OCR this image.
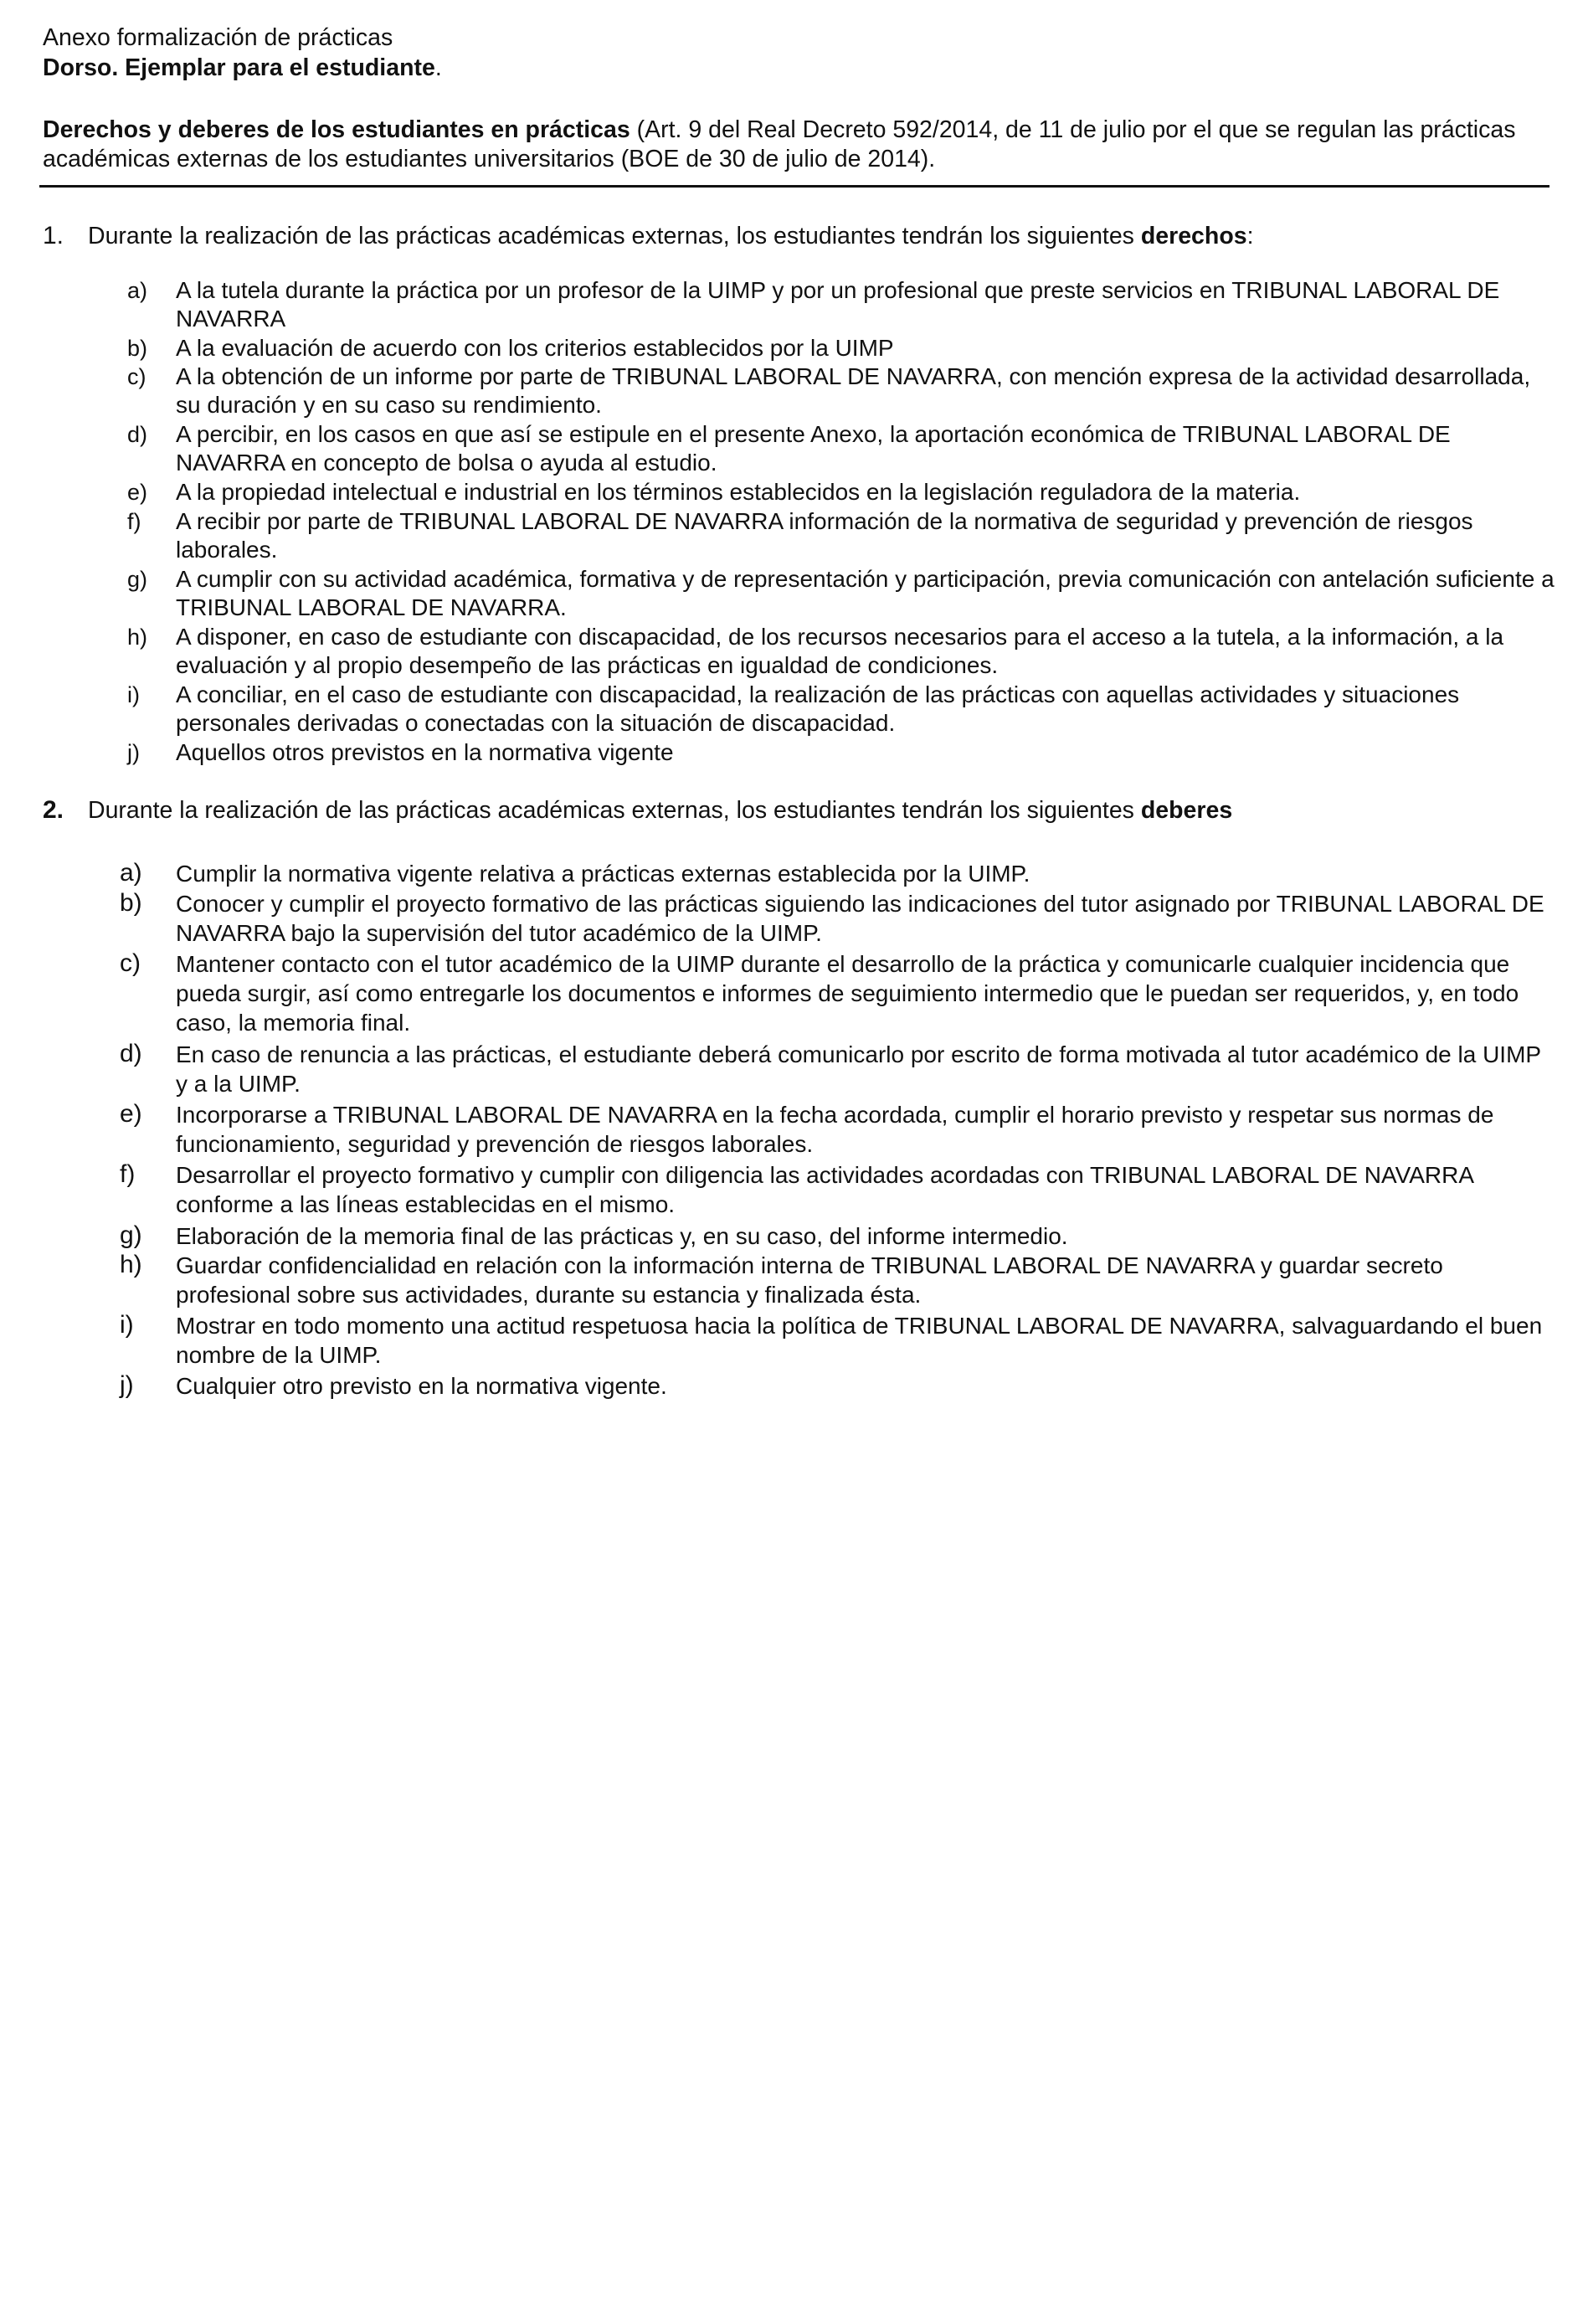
Anexo formalización de prácticas
Dorso. Ejemplar para el estudiante.
Derechos y deberes de los estudiantes en prácticas (Art. 9 del Real Decreto 592/2014, de 11 de julio por el que se regulan las prácticas académicas externas de los estudiantes universitarios (BOE de 30 de julio de 2014).
1. Durante la realización de las prácticas académicas externas, los estudiantes tendrán los siguientes derechos:
a) A la tutela durante la práctica por un profesor de la UIMP y por un profesional que preste servicios en TRIBUNAL LABORAL DE NAVARRA
b) A la evaluación de acuerdo con los criterios establecidos por la UIMP
c) A la obtención de un informe por parte de TRIBUNAL LABORAL DE NAVARRA, con mención expresa de la actividad desarrollada, su duración y en su caso su rendimiento.
d) A percibir, en los casos en que así se estipule en el presente Anexo, la aportación económica de TRIBUNAL LABORAL DE NAVARRA en concepto de bolsa o ayuda al estudio.
e) A la propiedad intelectual e industrial en los términos establecidos en la legislación reguladora de la materia.
f) A recibir por parte de TRIBUNAL LABORAL DE NAVARRA información de la normativa de seguridad y prevención de riesgos laborales.
g) A cumplir con su actividad académica, formativa y de representación y participación, previa comunicación con antelación suficiente a TRIBUNAL LABORAL DE NAVARRA.
h) A disponer, en caso de estudiante con discapacidad, de los recursos necesarios para el acceso a la tutela, a la información, a la evaluación y al propio desempeño de las prácticas en igualdad de condiciones.
i) A conciliar, en el caso de estudiante con discapacidad, la realización de las prácticas con aquellas actividades y situaciones personales derivadas o conectadas con la situación de discapacidad.
j) Aquellos otros previstos en la normativa vigente
2. Durante la realización de las prácticas académicas externas, los estudiantes tendrán los siguientes deberes
a) Cumplir la normativa vigente relativa a prácticas externas establecida por la UIMP.
b) Conocer y cumplir el proyecto formativo de las prácticas siguiendo las indicaciones del tutor asignado por TRIBUNAL LABORAL DE NAVARRA bajo la supervisión del tutor académico de la UIMP.
c) Mantener contacto con el tutor académico de la UIMP durante el desarrollo de la práctica y comunicarle cualquier incidencia que pueda surgir, así como entregarle los documentos e informes de seguimiento intermedio que le puedan ser requeridos, y, en todo caso, la memoria final.
d) En caso de renuncia a las prácticas, el estudiante deberá comunicarlo por escrito de forma motivada al tutor académico de la UIMP y a la UIMP.
e) Incorporarse a TRIBUNAL LABORAL DE NAVARRA en la fecha acordada, cumplir el horario previsto y respetar sus normas de funcionamiento, seguridad y prevención de riesgos laborales.
f) Desarrollar el proyecto formativo y cumplir con diligencia las actividades acordadas con TRIBUNAL LABORAL DE NAVARRA conforme a las líneas establecidas en el mismo.
g) Elaboración de la memoria final de las prácticas y, en su caso, del informe intermedio.
h) Guardar confidencialidad en relación con la información interna de TRIBUNAL LABORAL DE NAVARRA y guardar secreto profesional sobre sus actividades, durante su estancia y finalizada ésta.
i) Mostrar en todo momento una actitud respetuosa hacia la política de TRIBUNAL LABORAL DE NAVARRA, salvaguardando el buen nombre de la UIMP.
j) Cualquier otro previsto en la normativa vigente.
